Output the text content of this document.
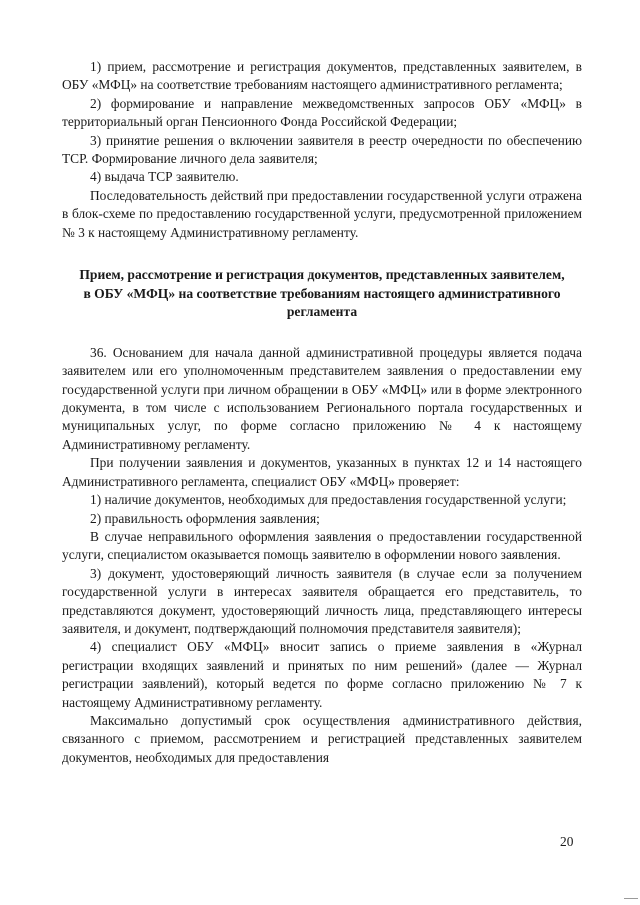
1) прием, рассмотрение и регистрация документов, представленных заявителем, в ОБУ «МФЦ» на соответствие требованиям настоящего административного регламента;

2) формирование и направление межведомственных запросов ОБУ «МФЦ» в территориальный орган Пенсионного Фонда Российской Федерации;

3) принятие решения о включении заявителя в реестр очередности по обеспечению ТСР. Формирование личного дела заявителя;

4) выдача ТСР заявителю.

Последовательность действий при предоставлении государственной услуги отражена в блок-схеме по предоставлению государственной услуги, предусмотренной приложением № 3 к настоящему Административному регламенту.

Прием, рассмотрение и регистрация документов, представленных заявителем, в ОБУ «МФЦ» на соответствие требованиям настоящего административного регламента

36. Основанием для начала данной административной процедуры является подача заявителем или его уполномоченным представителем заявления о предоставлении ему государственной услуги при личном обращении в ОБУ «МФЦ» или в форме электронного документа, в том числе с использованием Регионального портала государственных и муниципальных услуг, по форме согласно приложению № 4 к настоящему Административному регламенту.

При получении заявления и документов, указанных в пунктах 12 и 14 настоящего Административного регламента, специалист ОБУ «МФЦ» проверяет:

1) наличие документов, необходимых для предоставления государственной услуги;

2) правильность оформления заявления;

В случае неправильного оформления заявления о предоставлении государственной услуги, специалистом оказывается помощь заявителю в оформлении нового заявления.

3) документ, удостоверяющий личность заявителя (в случае если за получением государственной услуги в интересах заявителя обращается его представитель, то представляются документ, удостоверяющий личность лица, представляющего интересы заявителя, и документ, подтверждающий полномочия представителя заявителя);

4) специалист ОБУ «МФЦ» вносит запись о приеме заявления в «Журнал регистрации входящих заявлений и принятых по ним решений» (далее — Журнал регистрации заявлений), который ведется по форме согласно приложению № 7 к настоящему Административному регламенту.

Максимально допустимый срок осуществления административного действия, связанного с приемом, рассмотрением и регистрацией представленных заявителем документов, необходимых для предоставления

20
